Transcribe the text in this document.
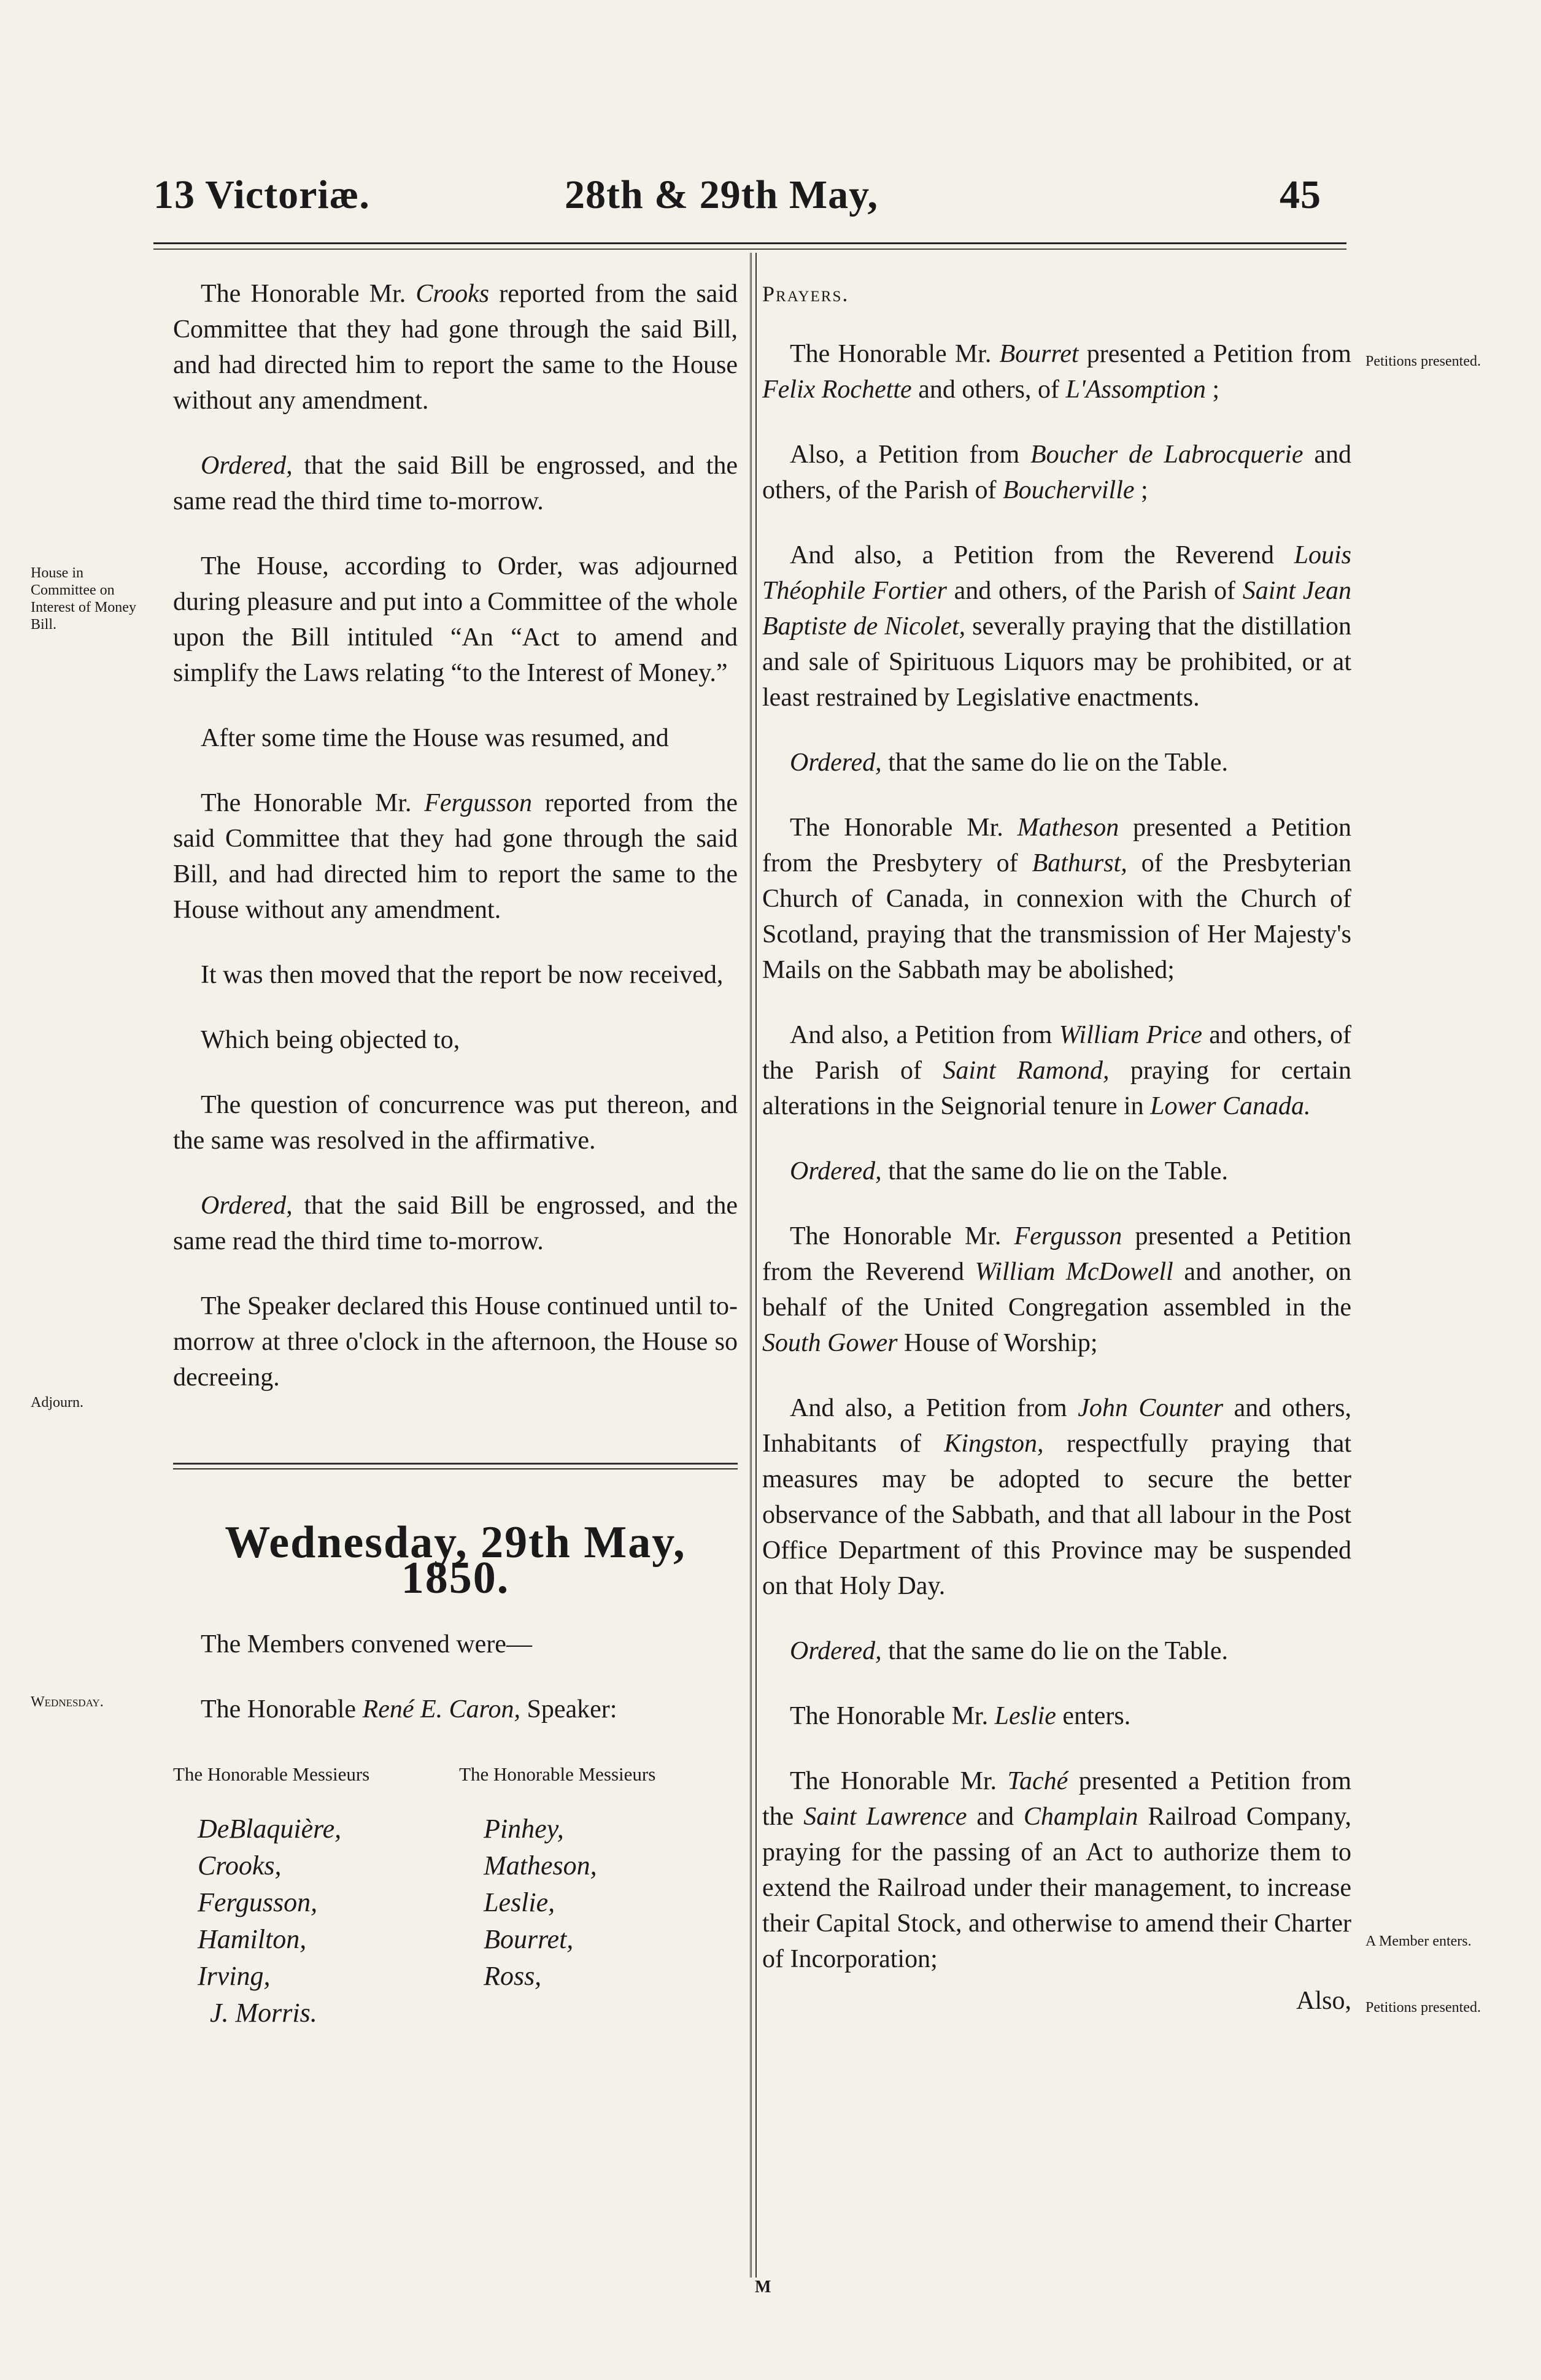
13 Victoriæ.	28th & 29th May,	45
House in Committee on Interest of Money Bill.
Adjourn.
Wednesday.
Petitions presented.
A Member enters.
Petitions presented.

The Honorable Mr. Crooks reported from the said Committee that they had gone through the said Bill, and had directed him to report the same to the House without any amendment.

Ordered, that the said Bill be engrossed, and the same read the third time to-morrow.

The House, according to Order, was adjourned during pleasure and put into a Committee of the whole upon the Bill intituled “An “Act to amend and simplify the Laws relating “to the Interest of Money.”

After some time the House was resumed, and

The Honorable Mr. Fergusson reported from the said Committee that they had gone through the said Bill, and had directed him to report the same to the House without any amendment.

It was then moved that the report be now received,

Which being objected to,

The question of concurrence was put thereon, and the same was resolved in the affirmative.

Ordered, that the said Bill be engrossed, and the same read the third time to-morrow.

The Speaker declared this House continued until to-morrow at three o'clock in the afternoon, the House so decreeing.

Wednesday, 29th May, 1850.

The Members convened were—

The Honorable René E. Caron, Speaker:

The Honorable Messieurs	The Honorable Messieurs
DeBlaquière,	Pinhey,
Crooks,	Matheson,
Fergusson,	Leslie,
Hamilton,	Bourret,
Irving,	Ross,
J. Morris.	

Prayers.

The Honorable Mr. Bourret presented a Petition from Felix Rochette and others, of L'Assomption ;

Also, a Petition from Boucher de Labrocquerie and others, of the Parish of Boucherville ;

And also, a Petition from the Reverend Louis Théophile Fortier and others, of the Parish of Saint Jean Baptiste de Nicolet, severally praying that the distillation and sale of Spirituous Liquors may be prohibited, or at least restrained by Legislative enactments.

Ordered, that the same do lie on the Table.

The Honorable Mr. Matheson presented a Petition from the Presbytery of Bathurst, of the Presbyterian Church of Canada, in connexion with the Church of Scotland, praying that the transmission of Her Majesty's Mails on the Sabbath may be abolished;

And also, a Petition from William Price and others, of the Parish of Saint Ramond, praying for certain alterations in the Seignorial tenure in Lower Canada.

Ordered, that the same do lie on the Table.

The Honorable Mr. Fergusson presented a Petition from the Reverend William McDowell and another, on behalf of the United Congregation assembled in the South Gower House of Worship;

And also, a Petition from John Counter and others, Inhabitants of Kingston, respectfully praying that measures may be adopted to secure the better observance of the Sabbath, and that all labour in the Post Office Department of this Province may be suspended on that Holy Day.

Ordered, that the same do lie on the Table.

The Honorable Mr. Leslie enters.

The Honorable Mr. Taché presented a Petition from the Saint Lawrence and Champlain Railroad Company, praying for the passing of an Act to authorize them to extend the Railroad under their management, to increase their Capital Stock, and otherwise to amend their Charter of Incorporation;

Also,

M
